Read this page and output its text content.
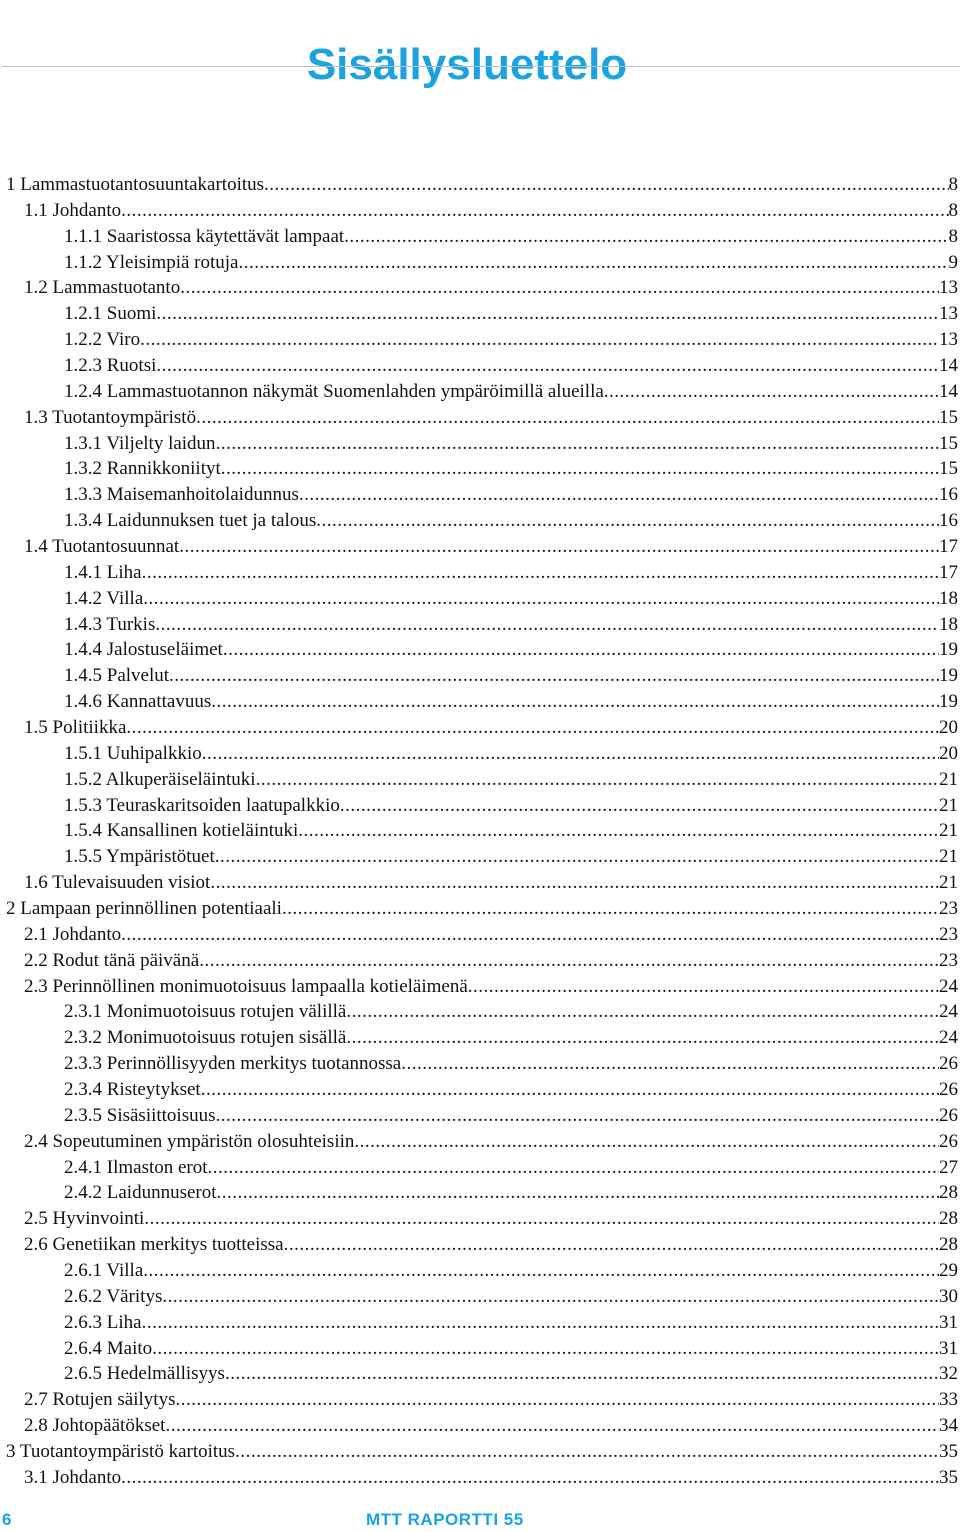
Sisällysluettelo
1 Lammastuotantosuuntakartoitus .....	8
1.1 Johdanto .....	8
1.1.1 Saaristossa käytettävät lampaat .....	8
1.1.2 Yleisimpiä rotuja .....	9
1.2 Lammastuotanto .....	13
1.2.1 Suomi .....	13
1.2.2 Viro .....	13
1.2.3 Ruotsi .....	14
1.2.4 Lammastuotannon näkymät Suomenlahden ympäröimillä alueilla .....	14
1.3 Tuotantoympäristö .....	15
1.3.1 Viljelty laidun .....	15
1.3.2 Rannikkoniityt .....	15
1.3.3 Maisemanhoitolaidunnus .....	16
1.3.4 Laidunnuksen tuet ja talous .....	16
1.4 Tuotantosuunnat .....	17
1.4.1 Liha .....	17
1.4.2 Villa .....	18
1.4.3 Turkis .....	18
1.4.4 Jalostuseläimet .....	19
1.4.5 Palvelut .....	19
1.4.6 Kannattavuus .....	19
1.5 Politiikka .....	20
1.5.1 Uuhipalkkio .....	20
1.5.2 Alkuperäiseläintuki .....	21
1.5.3 Teuraskaritsoiden laatupalkkio .....	21
1.5.4 Kansallinen kotieläintuki .....	21
1.5.5 Ympäristötuet .....	21
1.6 Tulevaisuuden visiot .....	21
2 Lampaan perinnöllinen potentiaali .....	23
2.1 Johdanto .....	23
2.2 Rodut tänä päivänä .....	23
2.3 Perinnöllinen monimuotoisuus lampaalla kotieläimenä .....	24
2.3.1 Monimuotoisuus rotujen välillä .....	24
2.3.2 Monimuotoisuus rotujen sisällä .....	24
2.3.3 Perinnöllisyyden merkitys tuotannossa .....	26
2.3.4 Risteytykset .....	26
2.3.5 Sisäsiittoisuus .....	26
2.4 Sopeutuminen ympäristön olosuhteisiin .....	26
2.4.1 Ilmaston erot .....	27
2.4.2 Laidunnuserot .....	28
2.5 Hyvinvointi .....	28
2.6 Genetiikan merkitys tuotteissa .....	28
2.6.1 Villa .....	29
2.6.2 Väritys .....	30
2.6.3 Liha .....	31
2.6.4 Maito .....	31
2.6.5 Hedelmällisyys .....	32
2.7 Rotujen säilytys .....	33
2.8 Johtopäätökset .....	34
3 Tuotantoympäristö kartoitus .....	35
3.1 Johdanto .....	35
6	MTT RAPORTTI 55
